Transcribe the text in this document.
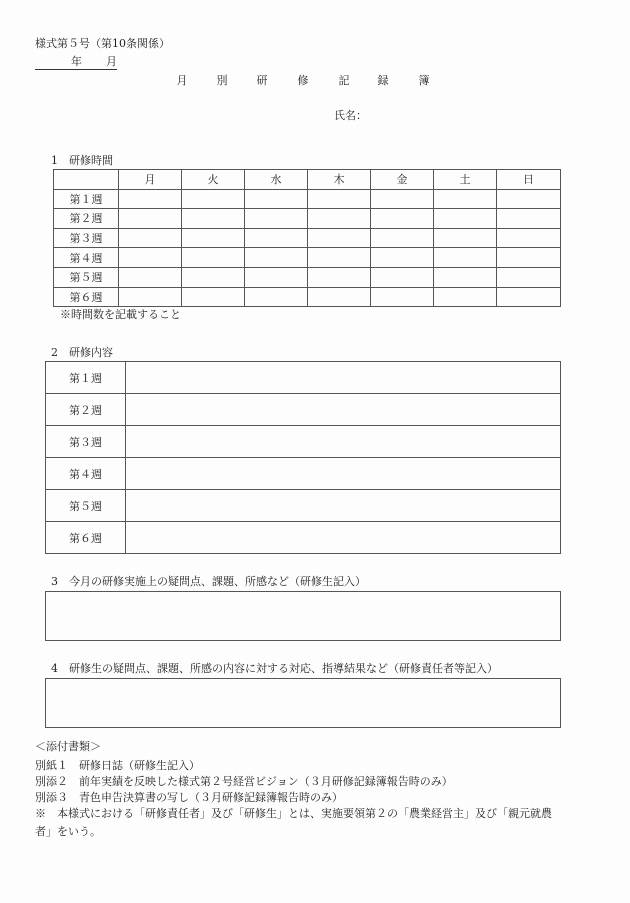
様式第５号（第10条関係）
年 月
月	別	研	修	記	録	簿
氏名：
1　研修時間
	月	火	水	木	金	土	日
第１週							
第２週							
第３週							
第４週							
第５週							
第６週							
※時間数を記載すること
2　研修内容
第１週	
第２週	
第３週	
第４週	
第５週	
第６週	
3　今月の研修実施上の疑問点、課題、所感など（研修生記入）
4　研修生の疑問点、課題、所感の内容に対する対応、指導結果など（研修責任者等記入）
＜添付書類＞
別紙１　研修日誌（研修生記入）
別添２　前年実績を反映した様式第２号経営ビジョン（３月研修記録簿報告時のみ）
別添３　青色申告決算書の写し（３月研修記録簿報告時のみ）
※　本様式における「研修責任者」及び「研修生」とは、実施要領第２の「農業経営主」及び「親元就農
者」をいう。
